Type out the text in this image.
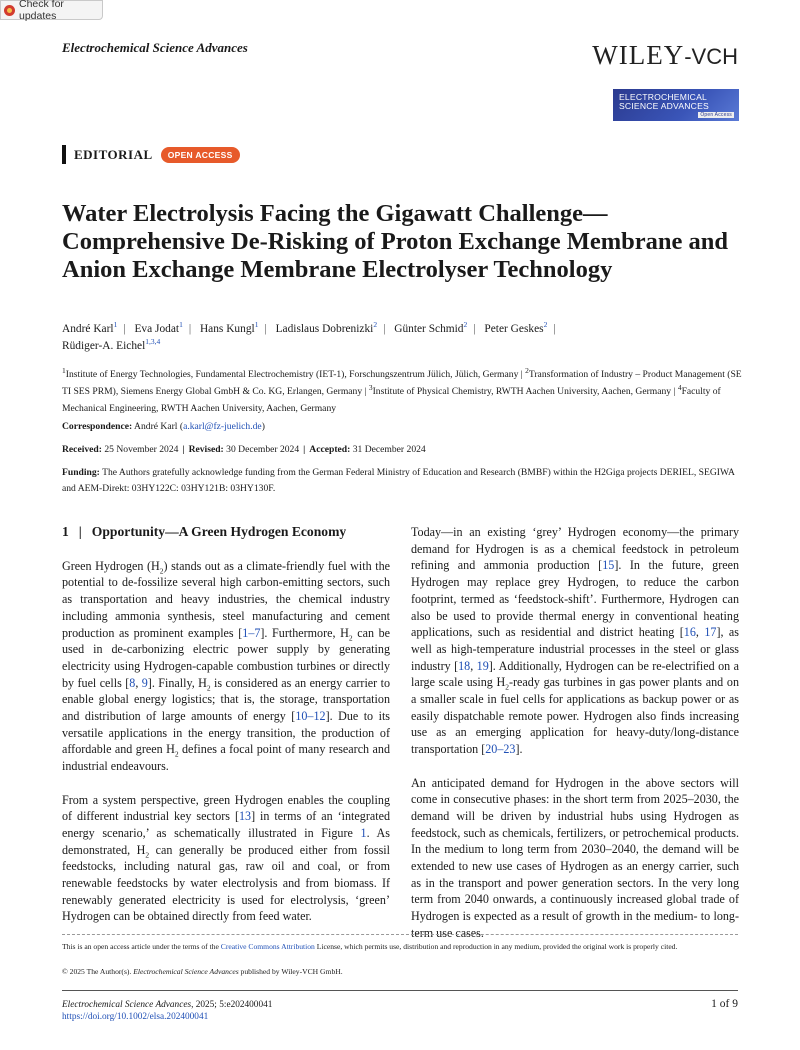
Check for updates
Electrochemical Science Advances	WILEY-VCH
ELECTROCHEMICAL
SCIENCE ADVANCES
Open Access
EDITORIAL	OPEN ACCESS
Water Electrolysis Facing the Gigawatt Challenge—Comprehensive De-Risking of Proton Exchange Membrane and Anion Exchange Membrane Electrolyser Technology
André Karl$^1$ | Eva Jodat$^1$ | Hans Kungl$^1$ | Ladislaus Dobrenizki$^2$ | Günter Schmid$^2$ | Peter Geskes$^2$ |
Rüdiger-A. Eichel$^{1,3,4}$
$^1$Institute of Energy Technologies, Fundamental Electrochemistry (IET-1), Forschungszentrum Jülich, Jülich, Germany | $^2$Transformation of Industry – Product Management (SE TI SES PRM), Siemens Energy Global GmbH & Co. KG, Erlangen, Germany | $^3$Institute of Physical Chemistry, RWTH Aachen University, Aachen, Germany | $^4$Faculty of Mechanical Engineering, RWTH Aachen University, Aachen, Germany
Correspondence: André Karl (a.karl@fz-juelich.de)
Received: 25 November 2024 | Revised: 30 December 2024 | Accepted: 31 December 2024
Funding: The Authors gratefully acknowledge funding from the German Federal Ministry of Education and Research (BMBF) within the H2Giga projects DERIEL, SEGIWA and AEM-Direkt: 03HY122C: 03HY121B: 03HY130F.
1 | Opportunity—A Green Hydrogen Economy

Green Hydrogen $(H_2)$ stands out as a climate-friendly fuel with the potential to de-fossilize several high carbon-emitting sectors, such as transportation and heavy industries, the chemical industry including ammonia synthesis, steel manufacturing and cement production as prominent examples [1–7]. Furthermore, $H_2$ can be used in de-carbonizing electric power supply by generating electricity using Hydrogen-capable combustion turbines or directly by fuel cells [8, 9]. Finally, $H_2$ is considered as an energy carrier to enable global energy logistics; that is, the storage, transportation and distribution of large amounts of energy [10–12]. Due to its versatile applications in the energy transition, the production of affordable and green $H_2$ defines a focal point of many research and industrial endeavours.

From a system perspective, green Hydrogen enables the coupling of different industrial key sectors [13] in terms of an ‘integrated energy scenario,’ as schematically illustrated in Figure 1. As demonstrated, $H_2$ can generally be produced either from fossil feedstocks, including natural gas, raw oil and coal, or from renewable feedstocks by water electrolysis and from biomass. If renewably generated electricity is used for electrolysis, ‘green’ Hydrogen can be obtained directly from feed water.

Today—in an existing ‘grey’ Hydrogen economy—the primary demand for Hydrogen is as a chemical feedstock in petroleum refining and ammonia production [15]. In the future, green Hydrogen may replace grey Hydrogen, to reduce the carbon footprint, termed as ‘feedstock-shift’. Furthermore, Hydrogen can also be used to provide thermal energy in conventional heating applications, such as residential and district heating [16, 17], as well as high-temperature industrial processes in the steel or glass industry [18, 19]. Additionally, Hydrogen can be re-electrified on a large scale using $H_2$-ready gas turbines in gas power plants and on a smaller scale in fuel cells for applications as backup power or as easily dispatchable remote power. Hydrogen also finds increasing use as an emerging application for heavy-duty/long-distance transportation [20–23].

An anticipated demand for Hydrogen in the above sectors will come in consecutive phases: in the short term from 2025–2030, the demand will be driven by industrial hubs using Hydrogen as feedstock, such as chemicals, fertilizers, or petrochemical products. In the medium to long term from 2030–2040, the demand will be extended to new use cases of Hydrogen as an energy carrier, such as in the transport and power generation sectors. In the very long term from 2040 onwards, a continuously increased global trade of Hydrogen is expected as a result of growth in the medium- to long-term use cases.

This is an open access article under the terms of the Creative Commons Attribution License, which permits use, distribution and reproduction in any medium, provided the original work is properly cited.
© 2025 The Author(s). Electrochemical Science Advances published by Wiley-VCH GmbH.
Electrochemical Science Advances, 2025; 5:e202400041
https://doi.org/10.1002/elsa.202400041
1 of 9
